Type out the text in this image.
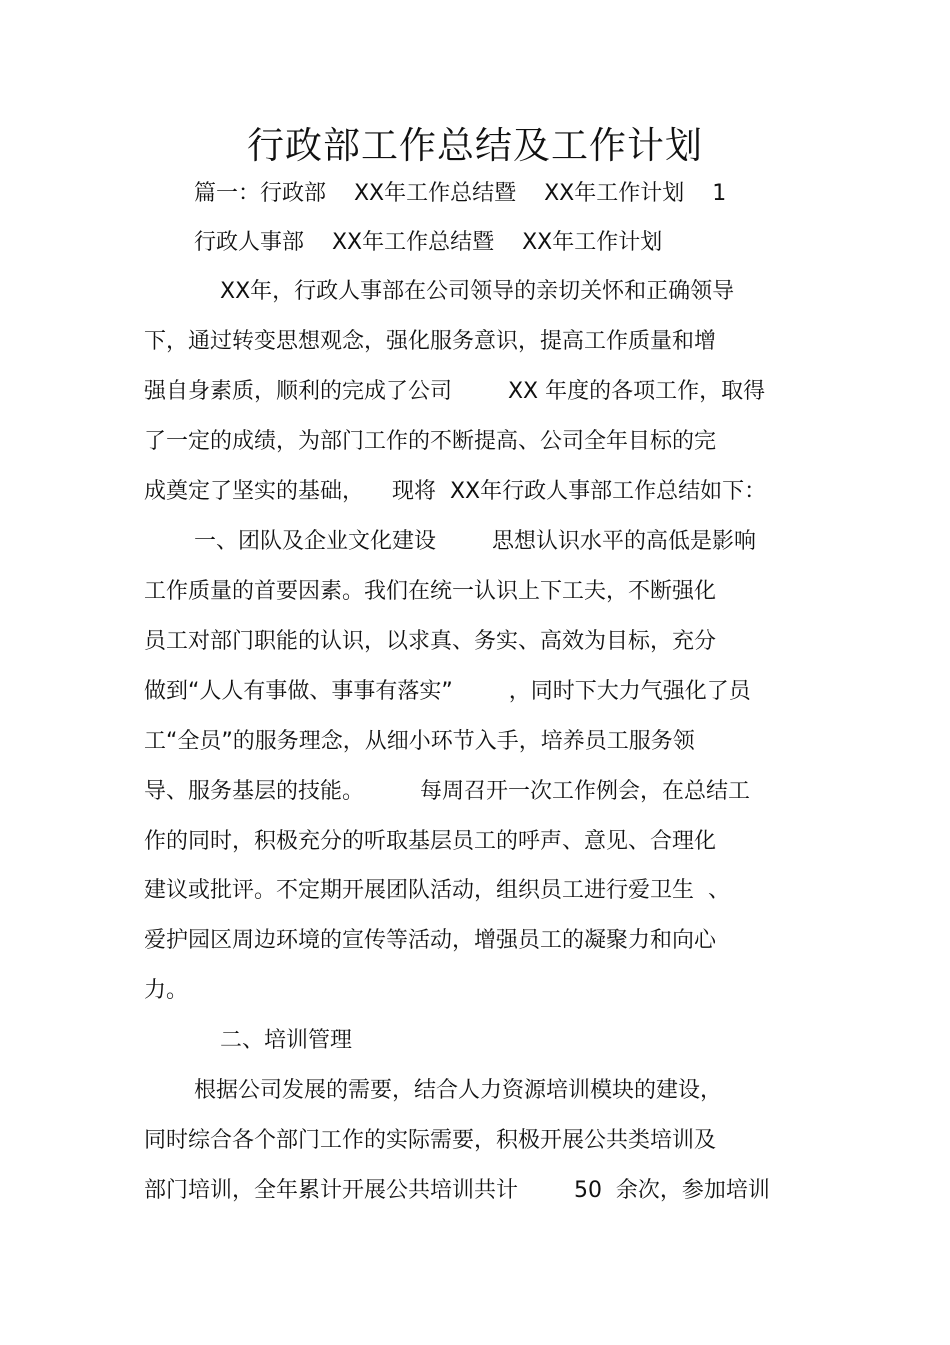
行政部工作总结及工作计划
篇一：行政部    XX年工作总结暨    XX年工作计划    1
行政人事部    XX年工作总结暨    XX年工作计划
XX年，行政人事部在公司领导的亲切关怀和正确领导
下，通过转变思想观念，强化服务意识，提高工作质量和增
强自身素质，顺利的完成了公司        XX 年度的各项工作，取得
了一定的成绩，为部门工作的不断提高、公司全年目标的完
成奠定了坚实的基础，    现将  XX年行政人事部工作总结如下：
一、团队及企业文化建设        思想认识水平的高低是影响
工作质量的首要因素。我们在统一认识上下工夫，不断强化
员工对部门职能的认识，以求真、务实、高效为目标，充分
做到“人人有事做、事事有落实”        ，同时下大力气强化了员
工“全员”的服务理念，从细小环节入手，培养员工服务领
导、服务基层的技能。        每周召开一次工作例会，在总结工
作的同时，积极充分的听取基层员工的呼声、意见、合理化
建议或批评。不定期开展团队活动，组织员工进行爱卫生  、
爱护园区周边环境的宣传等活动，增强员工的凝聚力和向心
力。
二、培训管理
根据公司发展的需要，结合人力资源培训模块的建设，
同时综合各个部门工作的实际需要，积极开展公共类培训及
部门培训，全年累计开展公共培训共计        50  余次，参加培训
